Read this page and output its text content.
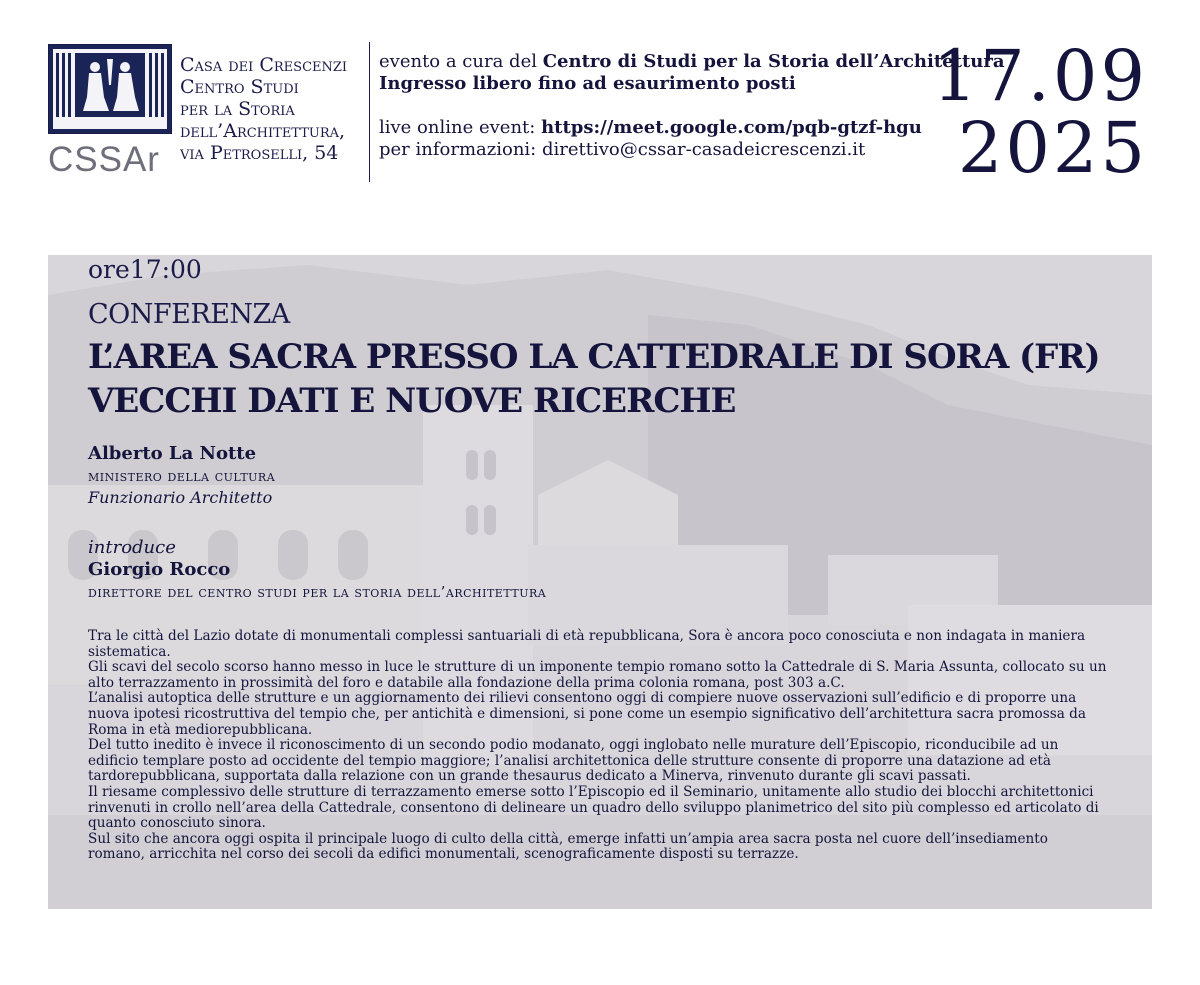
CSSAr
Casa dei Crescenzi
Centro Studi
per la Storia
dell’Architettura,
via Petroselli, 54
evento a cura del Centro di Studi per la Storia dell’Architettura
Ingresso libero fino ad esaurimento posti
live online event: https://meet.google.com/pqb-gtzf-hgu
per informazioni: direttivo@cssar-casadeicrescenzi.it
17.09
2025
ore17:00
CONFERENZA
L’AREA SACRA PRESSO LA CATTEDRALE DI SORA (FR)
VECCHI DATI E NUOVE RICERCHE
Alberto La Notte
ministero della cultura
Funzionario Architetto
introduce
Giorgio Rocco
direttore del centro studi per la storia dell’architettura

Tra le città del Lazio dotate di monumentali complessi santuariali di età repubblicana, Sora è ancora poco conosciuta e non indagata in maniera sistematica.

Gli scavi del secolo scorso hanno messo in luce le strutture di un imponente tempio romano sotto la Cattedrale di S. Maria Assunta, collocato su un alto terrazzamento in prossimità del foro e databile alla fondazione della prima colonia romana, post 303 a.C.

L’analisi autoptica delle strutture e un aggiornamento dei rilievi consentono oggi di compiere nuove osservazioni sull’edificio e di proporre una nuova ipotesi ricostruttiva del tempio che, per antichità e dimensioni, si pone come un esempio significativo dell’architettura sacra promossa da Roma in età mediorepubblicana.

Del tutto inedito è invece il riconoscimento di un secondo podio modanato, oggi inglobato nelle murature dell’Episcopio, riconducibile ad un edificio templare posto ad occidente del tempio maggiore; l’analisi architettonica delle strutture consente di proporre una datazione ad età tardorepubblicana, supportata dalla relazione con un grande thesaurus dedicato a Minerva, rinvenuto durante gli scavi passati.

Il riesame complessivo delle strutture di terrazzamento emerse sotto l’Episcopio ed il Seminario, unitamente allo studio dei blocchi architettonici rinvenuti in crollo nell’area della Cattedrale, consentono di delineare un quadro dello sviluppo planimetrico del sito più complesso ed articolato di quanto conosciuto sinora.

Sul sito che ancora oggi ospita il principale luogo di culto della città, emerge infatti un’ampia area sacra posta nel cuore dell’insediamento romano, arricchita nel corso dei secoli da edifici monumentali, scenograficamente disposti su terrazze.
